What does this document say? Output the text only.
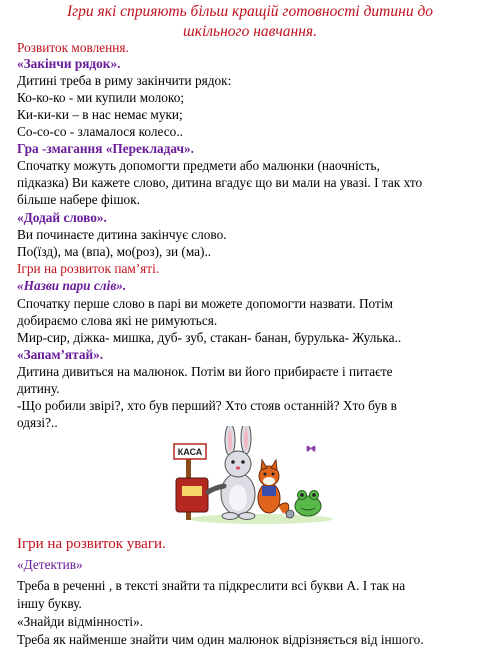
Ігри які сприяють більш кращій готовності дитини до
шкільного навчання.
Розвиток мовлення.
«Закінчи рядок».
Дитині треба в риму закінчити рядок:
Ко-ко-ко - ми купили молоко;
Ки-ки-ки – в нас немає муки;
Со-со-со - зламалося колесо..
Гра -змагання «Перекладач».
Спочатку можуть допомогти предмети або малюнки (наочність,
підказка) Ви кажете слово, дитина вгадує що ви мали на увазі. І так хто
більше набере фішок.
«Додай слово».
Ви починаєте дитина закінчує слово.
По(їзд), ма (впа), мо(роз), зи (ма)..
Ігри на розвиток пам’яті.
«Назви пари слів».
Спочатку перше слово в парі ви можете допомогти назвати. Потім
добираємо слова які не римуються.
Мир-сир, діжка- мишка, дуб- зуб, стакан- банан, бурулька- Жулька..
«Запам’ятай».
Дитина дивиться на малюнок. Потім ви його прибираєте і питаєте
дитину.
-Що робили звірі?, хто був перший? Хто стояв останній? Хто був в
одязі?..
КАСА
Ігри на розвиток уваги.
«Детектив»
Треба в реченні , в тексті знайти та підкреслити всі букви А. І так на
іншу букву.
«Знайди відмінності».
Треба як найменше знайти чим один малюнок відрізняється від іншого.
